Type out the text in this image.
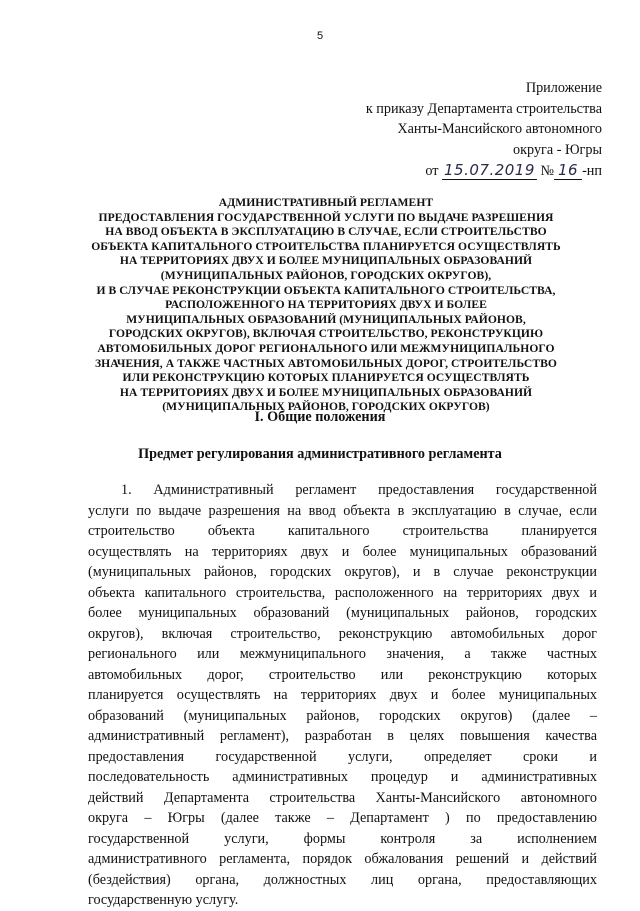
5
Приложение
к приказу Департамента строительства
Ханты-Мансийского автономного
округа - Югры
от 15.07.2019 № 16 -нп
АДМИНИСТРАТИВНЫЙ РЕГЛАМЕНТ
ПРЕДОСТАВЛЕНИЯ ГОСУДАРСТВЕННОЙ УСЛУГИ ПО ВЫДАЧЕ РАЗРЕШЕНИЯ
НА ВВОД ОБЪЕКТА В ЭКСПЛУАТАЦИЮ В СЛУЧАЕ, ЕСЛИ СТРОИТЕЛЬСТВО
ОБЪЕКТА КАПИТАЛЬНОГО СТРОИТЕЛЬСТВА ПЛАНИРУЕТСЯ ОСУЩЕСТВЛЯТЬ
НА ТЕРРИТОРИЯХ ДВУХ И БОЛЕЕ МУНИЦИПАЛЬНЫХ ОБРАЗОВАНИЙ
(МУНИЦИПАЛЬНЫХ РАЙОНОВ, ГОРОДСКИХ ОКРУГОВ),
И В СЛУЧАЕ РЕКОНСТРУКЦИИ ОБЪЕКТА КАПИТАЛЬНОГО СТРОИТЕЛЬСТВА,
РАСПОЛОЖЕННОГО НА ТЕРРИТОРИЯХ ДВУХ И БОЛЕЕ
МУНИЦИПАЛЬНЫХ ОБРАЗОВАНИЙ (МУНИЦИПАЛЬНЫХ РАЙОНОВ,
ГОРОДСКИХ ОКРУГОВ), ВКЛЮЧАЯ СТРОИТЕЛЬСТВО, РЕКОНСТРУКЦИЮ
АВТОМОБИЛЬНЫХ ДОРОГ РЕГИОНАЛЬНОГО ИЛИ МЕЖМУНИЦИПАЛЬНОГО
ЗНАЧЕНИЯ, А ТАКЖЕ ЧАСТНЫХ АВТОМОБИЛЬНЫХ ДОРОГ, СТРОИТЕЛЬСТВО
ИЛИ РЕКОНСТРУКЦИЮ КОТОРЫХ ПЛАНИРУЕТСЯ ОСУЩЕСТВЛЯТЬ
НА ТЕРРИТОРИЯХ ДВУХ И БОЛЕЕ МУНИЦИПАЛЬНЫХ ОБРАЗОВАНИЙ
(МУНИЦИПАЛЬНЫХ РАЙОНОВ, ГОРОДСКИХ ОКРУГОВ)
I. Общие положения
Предмет регулирования административного регламента
1. Административный регламент предоставления государственной
услуги по выдаче разрешения на ввод объекта в эксплуатацию в случае, если
строительство объекта капитального строительства планируется
осуществлять на территориях двух и более муниципальных образований
(муниципальных районов, городских округов), и в случае реконструкции
объекта капитального строительства, расположенного на территориях двух и
более муниципальных образований (муниципальных районов, городских
округов), включая строительство, реконструкцию автомобильных дорог
регионального или межмуниципального значения, а также частных
автомобильных дорог, строительство или реконструкцию которых
планируется осуществлять на территориях двух и более муниципальных
образований (муниципальных районов, городских округов) (далее –
административный регламент), разработан в целях повышения качества
предоставления государственной услуги, определяет сроки и
последовательность административных процедур и административных
действий Департамента строительства Ханты-Мансийского автономного
округа – Югры (далее также – Департамент ) по предоставлению
государственной услуги, формы контроля за исполнением
административного регламента, порядок обжалования решений и действий
(бездействия) органа, должностных лиц органа, предоставляющих
государственную услугу.
